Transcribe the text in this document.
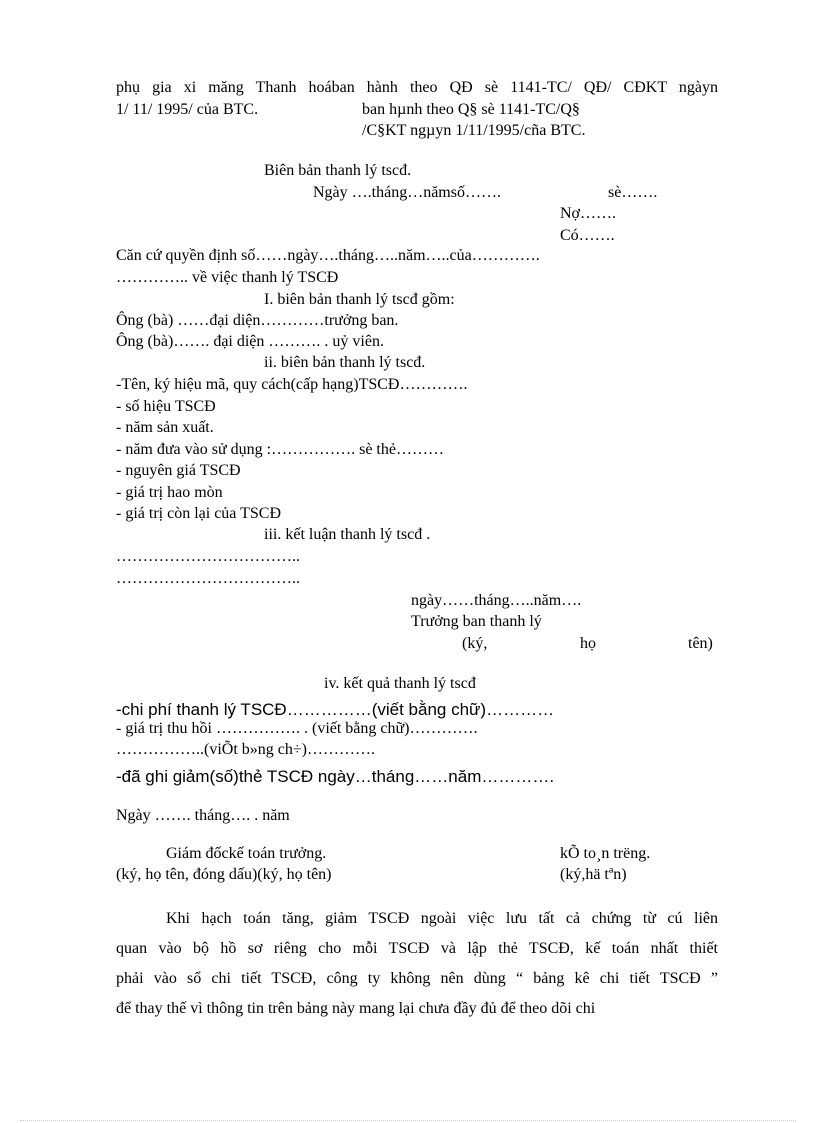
phụ gia xi măng Thanh hoában hành theo QĐ sè 1141-TC/ QĐ/ CĐKT ngàyn
1/ 11/ 1995/ của BTC.	ban hµnh theo Q§ sè 1141-TC/Q§
/C§KT ngµyn 1/11/1995/cña BTC.
Biên bản thanh lý tscđ.
Ngày ….tháng…nămsố…….	sè…….
Nợ…….
Có…….
Căn cứ quyền định số……ngày….tháng…..năm…..của………….
………….. về việc thanh lý TSCĐ
I. biên bản thanh lý tscđ gồm:
Ông (bà) ……đại diện…………trưởng ban.
Ông (bà)……. đại diện ………. . uỷ viên.
ii. biên bản thanh lý tscđ.
-Tên, ký hiệu mã, quy cách(cấp hạng)TSCĐ………….
- số hiệu TSCĐ
- năm sản xuất.
- năm đưa vào sử dụng :……………. sè thẻ………
- nguyên giá TSCĐ
- giá trị hao mòn
- giá trị còn lại của TSCĐ
iii. kết luận thanh lý tscđ .
……………………………..
……………………………..
ngày……tháng…..năm….
Trưởng ban thanh lý
(ký,	họ	tên)
iv. kết quả thanh lý tscđ
-chi phí thanh lý TSCĐ……………(viết bằng chữ)…………
- giá trị thu hồi ……………. . (viết bằng chữ)………….
……………..(viÕt b»ng ch÷)………….
-đã ghi giảm(số)thẻ TSCĐ ngày…tháng……năm………….
Ngày ……. tháng…. . năm
Giám đốckế toán trưởng.	kÕ to¸n trëng.
(ký, họ tên, đóng dấu)(ký, họ tên)	(ký,hä tªn)
Khi hạch toán tăng, giảm TSCĐ ngoài việc lưu tất cả chứng từ cú liên
quan vào bộ hồ sơ riêng cho mỗi TSCĐ và lập thẻ TSCĐ, kế toán nhất thiết
phải vào sổ chi tiết TSCĐ, công ty không nên dùng “ bảng kê chi tiết TSCĐ ”
để thay thế vì thông tin trên bảng này mang lại chưa đầy đủ để theo dõi chi
